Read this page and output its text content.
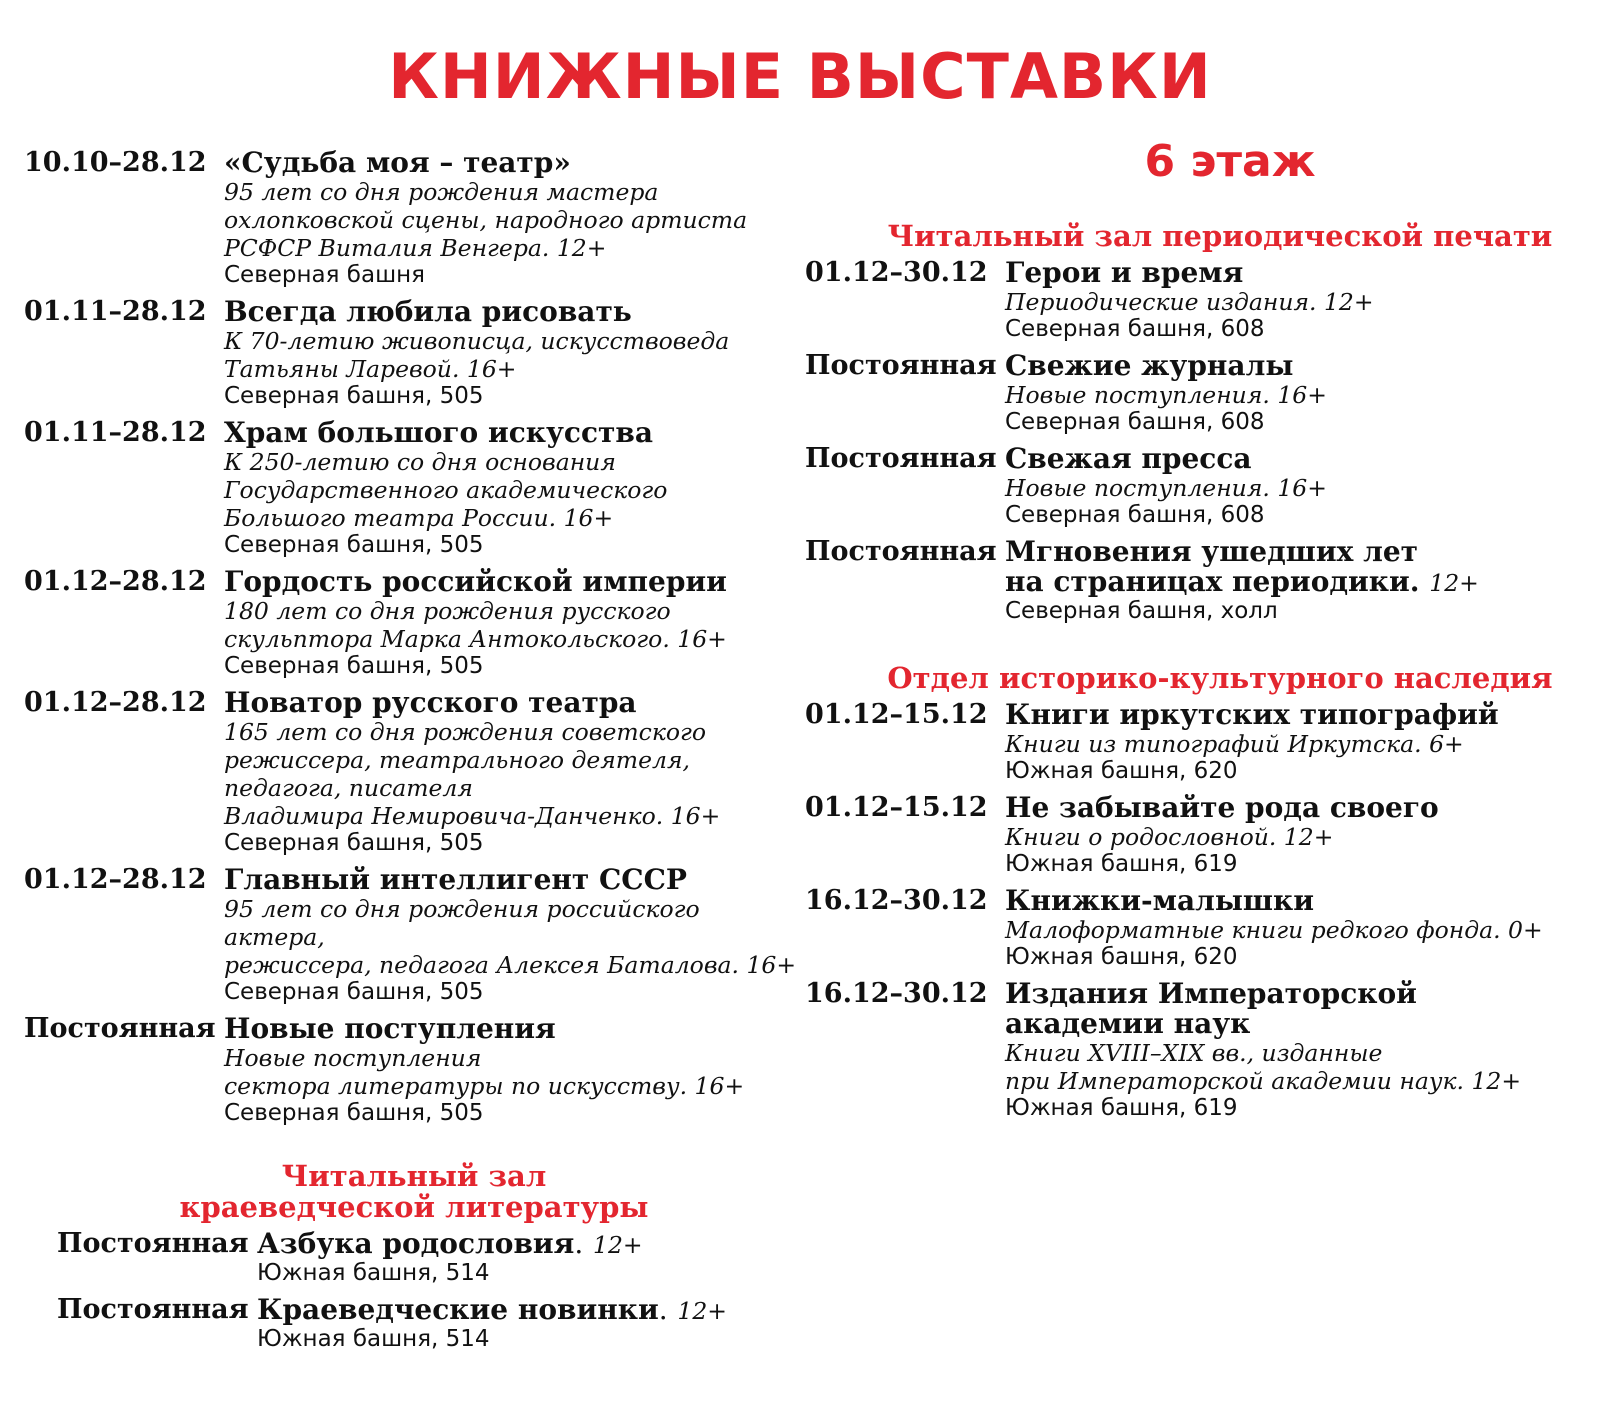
КНИЖНЫЕ ВЫСТАВКИ
10.10–28.12 «Судьба моя – театр»
95 лет со дня рождения мастера
охлопковской сцены, народного артиста
РСФСР Виталия Венгера. 12+
Северная башня
01.11–28.12 Всегда любила рисовать
К 70-летию живописца, искусствоведа
Татьяны Ларевой. 16+
Северная башня, 505
01.11–28.12 Храм большого искусства
К 250-летию со дня основания
Государственного академического
Большого театра России. 16+
Северная башня, 505
01.12–28.12 Гордость российской империи
180 лет со дня рождения русского
скульптора Марка Антокольского. 16+
Северная башня, 505
01.12–28.12 Новатор русского театра
165 лет со дня рождения советского
режиссера, театрального деятеля,
педагога, писателя
Владимира Немировича-Данченко. 16+
Северная башня, 505
01.12–28.12 Главный интеллигент СССР
95 лет со дня рождения российского актера,
режиссера, педагога Алексея Баталова. 16+
Северная башня, 505
Постоянная Новые поступления
Новые поступления
сектора литературы по искусству. 16+
Северная башня, 505
Читальный зал
краеведческой литературы
Постоянная Азбука родословия. 12+
Южная башня, 514
Постоянная Краеведческие новинки. 12+
Южная башня, 514
6 этаж
Читальный зал периодической печати
01.12–30.12 Герои и время
Периодические издания. 12+
Северная башня, 608
Постоянная Свежие журналы
Новые поступления. 16+
Северная башня, 608
Постоянная Свежая пресса
Новые поступления. 16+
Северная башня, 608
Постоянная Мгновения ушедших лет
на страницах периодики. 12+
Северная башня, холл
Отдел историко-культурного наследия
01.12–15.12 Книги иркутских типографий
Книги из типографий Иркутска. 6+
Южная башня, 620
01.12–15.12 Не забывайте рода своего
Книги о родословной. 12+
Южная башня, 619
16.12–30.12 Книжки-малышки
Малоформатные книги редкого фонда. 0+
Южная башня, 620
16.12–30.12 Издания Императорской
академии наук
Книги XVIII–XIX вв., изданные
при Императорской академии наук. 12+
Южная башня, 619
